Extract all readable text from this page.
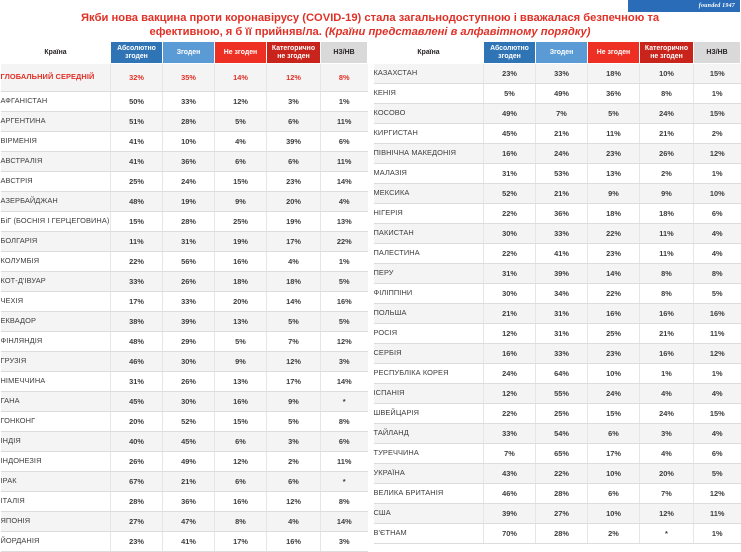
founded 1947
Якби нова вакцина проти коронавірусу (COVID-19) стала загальнодоступною і вважалася безпечною та
ефективною, я б її прийняв/ла. (Країни представлені в алфавітному порядку)
Країна	Абсолютно згоден	Згоден	Не згоден	Категорично не згоден	НЗ/НВ
ГЛОБАЛЬНИЙ СЕРЕДНІЙ	32%	35%	14%	12%	8%
АФГАНІСТАН	50%	33%	12%	3%	1%
АРГЕНТИНА	51%	28%	5%	6%	11%
ВІРМЕНІЯ	41%	10%	4%	39%	6%
АВСТРАЛІЯ	41%	36%	6%	6%	11%
АВСТРІЯ	25%	24%	15%	23%	14%
АЗЕРБАЙДЖАН	48%	19%	9%	20%	4%
БіГ (БОСНІЯ І ГЕРЦЕГОВИНА)	15%	28%	25%	19%	13%
БОЛГАРІЯ	11%	31%	19%	17%	22%
КОЛУМБІЯ	22%	56%	16%	4%	1%
КОТ-Д'ІВУАР	33%	26%	18%	18%	5%
ЧЕХІЯ	17%	33%	20%	14%	16%
ЕКВАДОР	38%	39%	13%	5%	5%
ФІНЛЯНДІЯ	48%	29%	5%	7%	12%
ГРУЗІЯ	46%	30%	9%	12%	3%
НІМЕЧЧИНА	31%	26%	13%	17%	14%
ГАНА	45%	30%	16%	9%	*
ГОНКОНГ	20%	52%	15%	5%	8%
ІНДІЯ	40%	45%	6%	3%	6%
ІНДОНЕЗІЯ	26%	49%	12%	2%	11%
ІРАК	67%	21%	6%	6%	*
ІТАЛІЯ	28%	36%	16%	12%	8%
ЯПОНІЯ	27%	47%	8%	4%	14%
ЙОРДАНІЯ	23%	41%	17%	16%	3%
Країна	Абсолютно згоден	Згоден	Не згоден	Категорично не згоден	НЗ/НВ
КАЗАХСТАН	23%	33%	18%	10%	15%
КЕНІЯ	5%	49%	36%	8%	1%
КОСОВО	49%	7%	5%	24%	15%
КИРГИСТАН	45%	21%	11%	21%	2%
ПІВНІЧНА МАКЕДОНІЯ	16%	24%	23%	26%	12%
МАЛАЗІЯ	31%	53%	13%	2%	1%
МЕКСИКА	52%	21%	9%	9%	10%
НІГЕРІЯ	22%	36%	18%	18%	6%
ПАКИСТАН	30%	33%	22%	11%	4%
ПАЛЕСТИНА	22%	41%	23%	11%	4%
ПЕРУ	31%	39%	14%	8%	8%
ФІЛІППІНИ	30%	34%	22%	8%	5%
ПОЛЬША	21%	31%	16%	16%	16%
РОСІЯ	12%	31%	25%	21%	11%
СЕРБІЯ	16%	33%	23%	16%	12%
РЕСПУБЛІКА КОРЕЯ	24%	64%	10%	1%	1%
ІСПАНІЯ	12%	55%	24%	4%	4%
ШВЕЙЦАРІЯ	22%	25%	15%	24%	15%
ТАЙЛАНД	33%	54%	6%	3%	4%
ТУРЕЧЧИНА	7%	65%	17%	4%	6%
УКРАЇНА	43%	22%	10%	20%	5%
ВЕЛИКА БРИТАНІЯ	46%	28%	6%	7%	12%
США	39%	27%	10%	12%	11%
В'ЄТНАМ	70%	28%	2%	*	1%
